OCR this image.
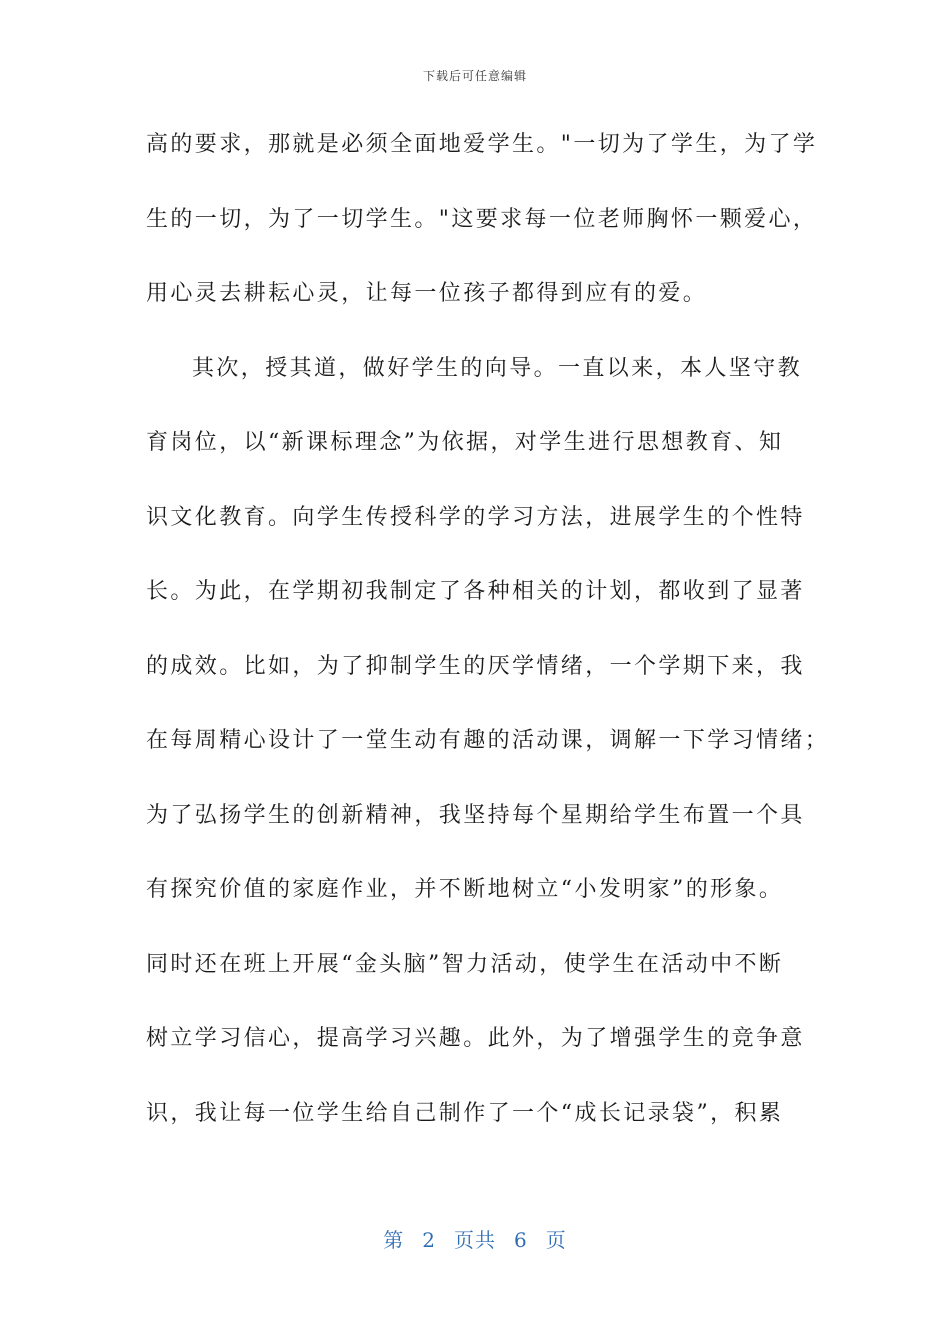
下载后可任意编辑
高的要求，那就是必须全面地爱学生。"一切为了学生，为了学
生的一切，为了一切学生。"这要求每一位老师胸怀一颗爱心，
用心灵去耕耘心灵，让每一位孩子都得到应有的爱。
其次，授其道，做好学生的向导。一直以来，本人坚守教
育岗位，以“新课标理念”为依据，对学生进行思想教育、知
识文化教育。向学生传授科学的学习方法，进展学生的个性特
长。为此，在学期初我制定了各种相关的计划，都收到了显著
的成效。比如，为了抑制学生的厌学情绪，一个学期下来，我
在每周精心设计了一堂生动有趣的活动课，调解一下学习情绪；
为了弘扬学生的创新精神，我坚持每个星期给学生布置一个具
有探究价值的家庭作业，并不断地树立“小发明家”的形象。
同时还在班上开展“金头脑”智力活动，使学生在活动中不断
树立学习信心，提高学习兴趣。此外，为了增强学生的竞争意
识，我让每一位学生给自己制作了一个“成长记录袋”，积累
第 2 页共 6 页
